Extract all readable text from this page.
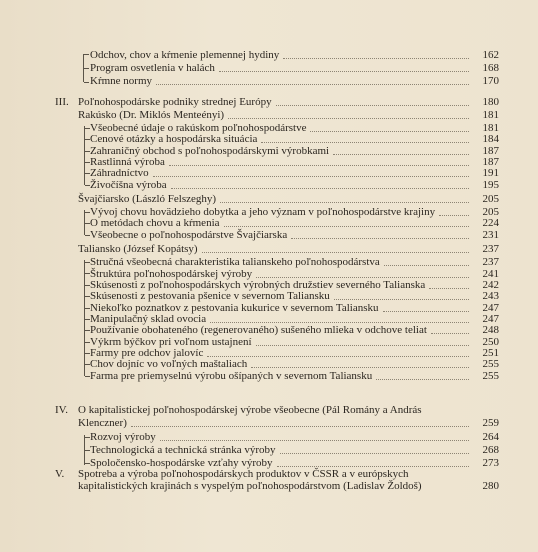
Odchov, chov a kŕmenie plemennej hydiny	162
Program osvetlenia v halách	168
Kŕmne normy	170
III. Poľnohospodárske podniky strednej Európy	180
Rakúsko (Dr. Miklós Menteényi)	181
Všeobecné údaje o rakúskom poľnohospodárstve	181
Cenové otázky a hospodárska situácia	184
Zahraničný obchod s poľnohospodárskymi výrobkami	187
Rastlinná výroba	187
Záhradníctvo	191
Živočíšna výroba	195
Švajčiarsko (László Felszeghy)	205
Vývoj chovu hovädzieho dobytka a jeho význam v poľnohospodárstve krajiny	205
O metódach chovu a kŕmenia	224
Všeobecne o poľnohospodárstve Švajčiarska	231
Taliansko (József Kopátsy)	237
Stručná všeobecná charakteristika talianskeho poľnohospodárstva	237
Štruktúra poľnohospodárskej výroby	241
Skúsenosti z poľnohospodárskych výrobných družstiev severného Talianska	242
Skúsenosti z pestovania pšenice v severnom Taliansku	243
Niekoľko poznatkov z pestovania kukurice v severnom Taliansku	247
Manipulačný sklad ovocia	247
Používanie obohateného (regenerovaného) sušeného mlieka v odchove teliat	248
Výkrm býčkov pri voľnom ustajnení	250
Farmy pre odchov jalovíc	251
Chov dojníc vo voľných maštaliach	255
Farma pre priemyselnú výrobu ošípaných v severnom Taliansku	255
IV. O kapitalistickej poľnohospodárskej výrobe všeobecne (Pál Romány a András
Klenczner)	259
Rozvoj výroby	264
Technologická a technická stránka výroby	268
Spoločensko-hospodárske vzťahy výroby	273
V. Spotreba a výroba poľnohospodárskych produktov v ČSSR a v európskych
kapitalistických krajinách s vyspelým poľnohospodárstvom (Ladislav Žoldoš)	280
